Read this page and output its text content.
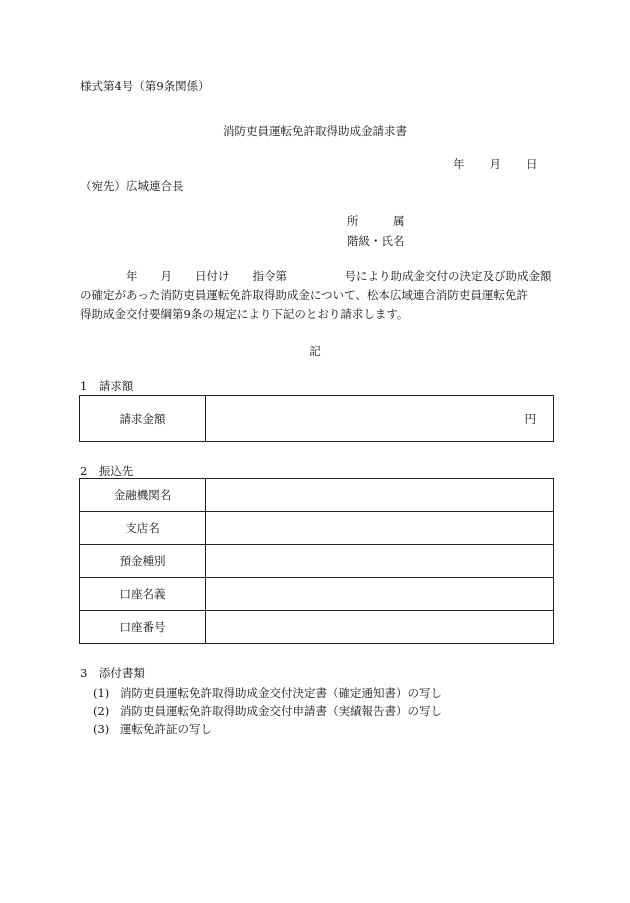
様式第4号（第9条関係）
消防吏員運転免許取得助成金請求書
年 月 日
（宛先）広城連合長
所　　　属
階級・氏名
　　　　年　　月　　日付け　　指令第　　　　　号により助成金交付の決定及び助成金額
の確定があった消防吏員運転免許取得助成金について、松本広域連合消防吏員運転免許
得助成金交付要綱第9条の規定により下記のとおり請求します。
記
1　請求額
請求金額	円
2　振込先
金融機関名	
支店名	
預金種別	
口座名義	
口座番号	
3　添付書類
(1) 消防吏員運転免許取得助成金交付決定書（確定通知書）の写し
(2) 消防吏員運転免許取得助成金交付申請書（実績報告書）の写し
(3) 運転免許証の写し
